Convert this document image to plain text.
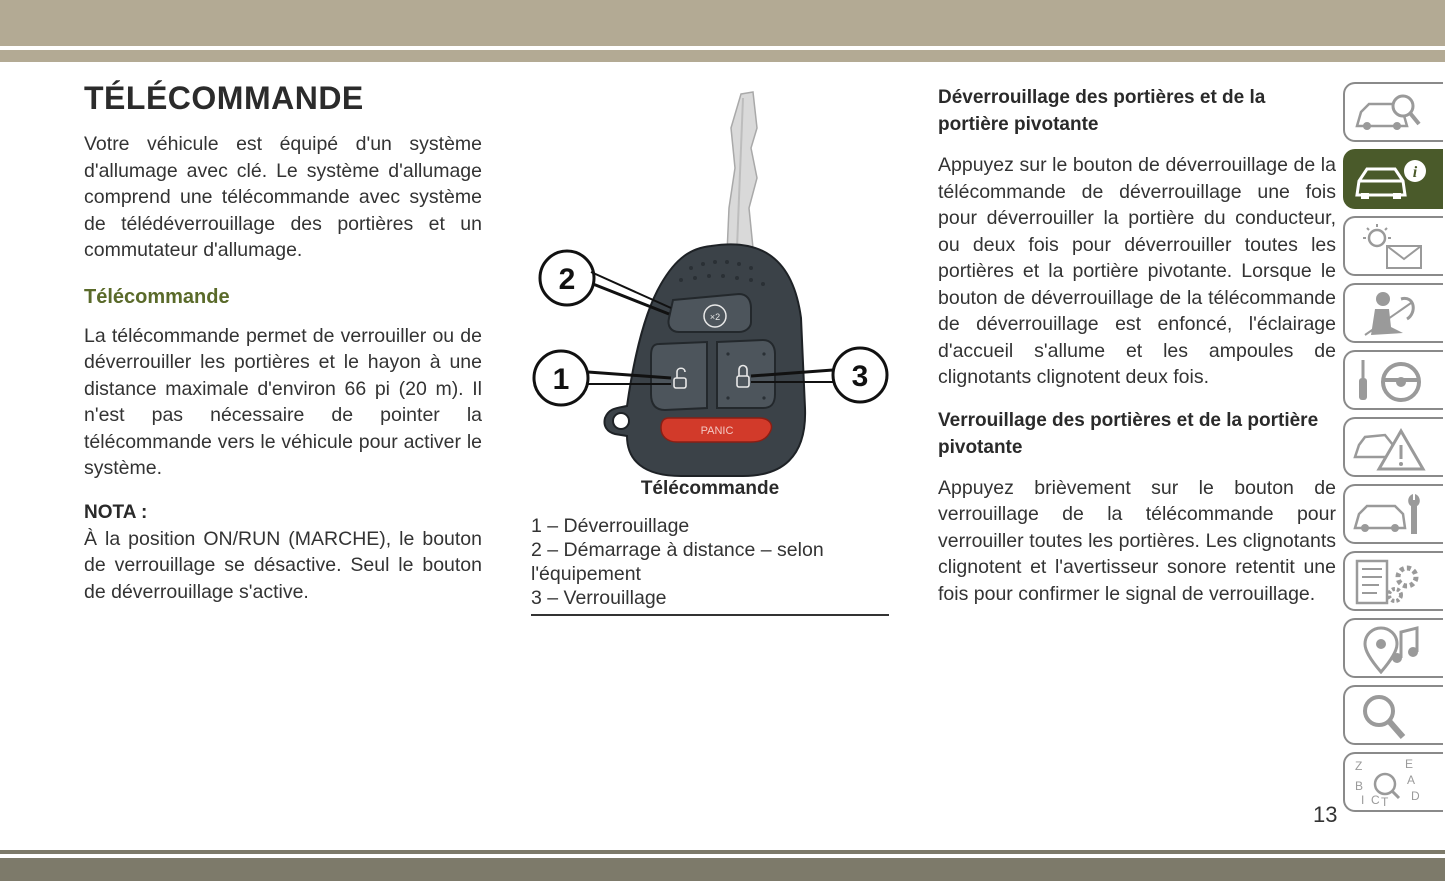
TÉLÉCOMMANDE

Votre véhicule est équipé d'un système d'allumage avec clé. Le système d'allumage comprend une télécommande avec système de télédéverrouillage des portières et un commutateur d'allumage.

Télécommande

La télécommande permet de verrouiller ou de déverrouiller les portières et le hayon à une distance maximale d'environ 66 pi (20 m). Il n'est pas nécessaire de pointer la télécommande vers le véhicule pour activer le système.

NOTA :

À la position ON/RUN (MARCHE), le bouton de verrouillage se désactive. Seul le bouton de déverrouillage s'active.

×2
PANIC
2
1	3
Télécommande
1 – Déverrouillage
2 – Démarrage à distance – selon l'équipement
3 – Verrouillage
Déverrouillage des portières et de la portière pivotante

Appuyez sur le bouton de déverrouillage de la télécommande de déverrouillage une fois pour déverrouiller la portière du conducteur, ou deux fois pour déverrouiller toutes les portières et la portière pivotante. Lorsque le bouton de déverrouillage de la télécommande de déverrouillage est enfoncé, l'éclairage d'accueil s'allume et les ampoules de clignotants clignotent deux fois.

Verrouillage des portières et de la portière pivotante

Appuyez brièvement sur le bouton de verrouillage de la télécommande pour verrouiller toutes les portières. Les clignotants clignotent et l'avertisseur sonore retentit une fois pour confirmer le signal de verrouillage.

i
Z	E
B	A
I C T D
13
